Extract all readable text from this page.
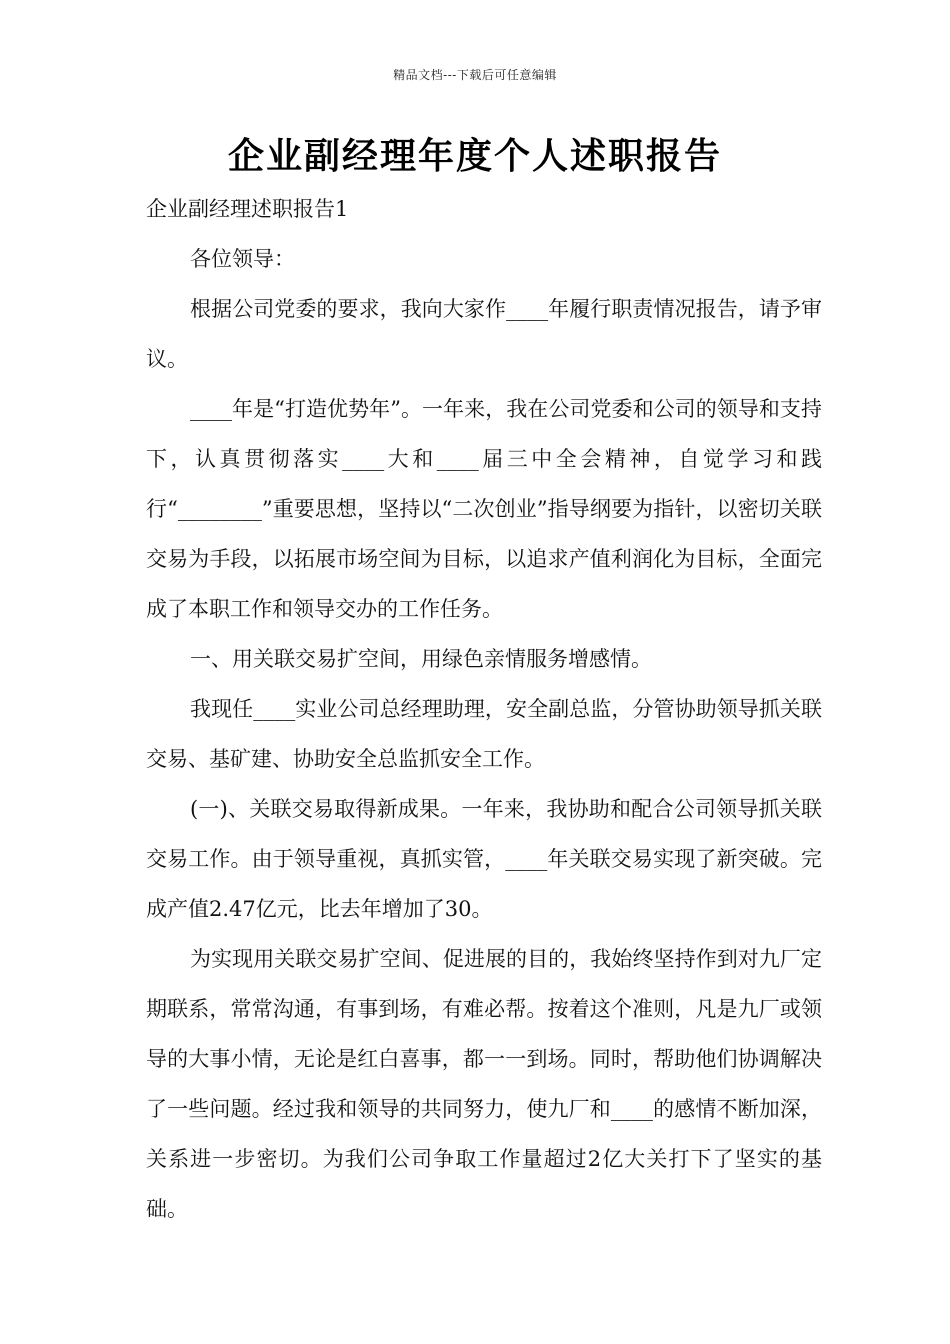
精品文档---下载后可任意编辑
企业副经理年度个人述职报告

企业副经理述职报告1

各位领导：

根据公司党委的要求，我向大家作____年履行职责情况报告，请予审议。

____年是“打造优势年”。一年来，我在公司党委和公司的领导和支持下，认真贯彻落实____大和____届三中全会精神，自觉学习和践行“________”重要思想，坚持以“二次创业”指导纲要为指针，以密切关联交易为手段，以拓展市场空间为目标，以追求产值利润化为目标，全面完成了本职工作和领导交办的工作任务。

一、用关联交易扩空间，用绿色亲情服务增感情。

我现任____实业公司总经理助理，安全副总监，分管协助领导抓关联交易、基矿建、协助安全总监抓安全工作。

(一)、关联交易取得新成果。一年来，我协助和配合公司领导抓关联交易工作。由于领导重视，真抓实管，____年关联交易实现了新突破。完成产值2.47亿元，比去年增加了30。

为实现用关联交易扩空间、促进展的目的，我始终坚持作到对九厂定期联系，常常沟通，有事到场，有难必帮。按着这个准则，凡是九厂或领导的大事小情，无论是红白喜事，都一一到场。同时，帮助他们协调解决了一些问题。经过我和领导的共同努力，使九厂和____的感情不断加深，关系进一步密切。为我们公司争取工作量超过2亿大关打下了坚实的基础。
